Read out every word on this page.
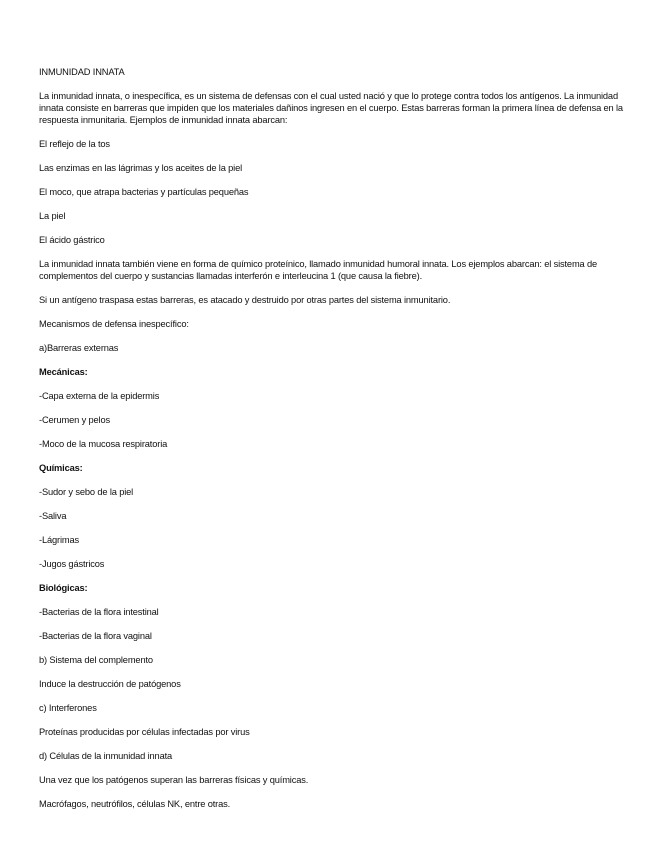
INMUNIDAD INNATA

La inmunidad innata, o inespecífica, es un sistema de defensas con el cual usted nació y que lo protege contra todos los antígenos. La inmunidad innata consiste en barreras que impiden que los materiales dañinos ingresen en el cuerpo. Estas barreras forman la primera línea de defensa en la respuesta inmunitaria. Ejemplos de inmunidad innata abarcan:

El reflejo de la tos

Las enzimas en las lágrimas y los aceites de la piel

El moco, que atrapa bacterias y partículas pequeñas

La piel

El ácido gástrico

La inmunidad innata también viene en forma de químico proteínico, llamado inmunidad humoral innata. Los ejemplos abarcan: el sistema de complementos del cuerpo y sustancias llamadas interferón e interleucina 1 (que causa la fiebre).

Si un antígeno traspasa estas barreras, es atacado y destruido por otras partes del sistema inmunitario.

Mecanismos de defensa inespecífico:

a)Barreras externas

Mecánicas:

-Capa externa de la epidermis

-Cerumen y pelos

-Moco de la mucosa respiratoria

Químicas:

-Sudor y sebo de la piel

-Saliva

-Lágrimas

-Jugos gástricos

Biológicas:

-Bacterias de la flora intestinal

-Bacterias de la flora vaginal

b) Sistema del complemento

Induce la destrucción de patógenos

c) Interferones

Proteínas producidas por células infectadas por virus

d) Células de la inmunidad innata

Una vez que los patógenos superan las barreras físicas y químicas.

Macrófagos, neutrófilos, células NK, entre otras.
